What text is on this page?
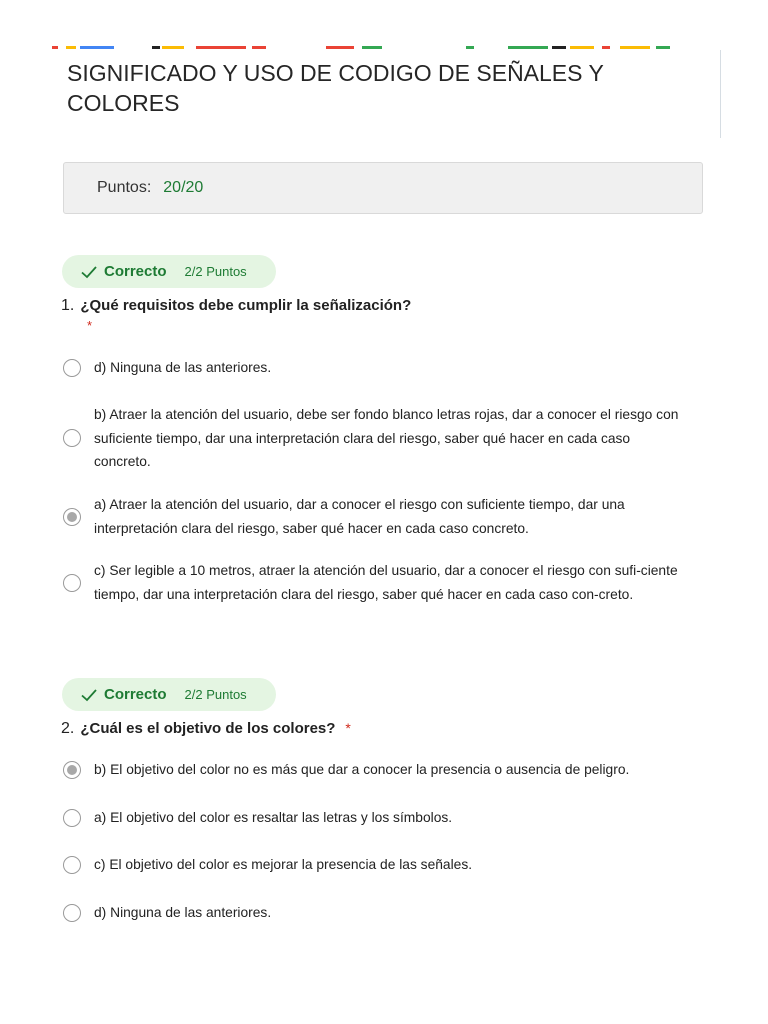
SIGNIFICADO Y USO DE CODIGO DE SEÑALES Y COLORES
Puntos: 20/20
Correcto 2/2 Puntos
1. ¿Qué requisitos debe cumplir la señalización?
*
d) Ninguna de las anteriores.
b) Atraer la atención del usuario, debe ser fondo blanco letras rojas, dar a conocer el riesgo con suficiente tiempo, dar una interpretación clara del riesgo, saber qué hacer en cada caso concreto.
a) Atraer la atención del usuario, dar a conocer el riesgo con suficiente tiempo, dar una interpretación clara del riesgo, saber qué hacer en cada caso concreto.
c) Ser legible a 10 metros, atraer la atención del usuario, dar a conocer el riesgo con sufi-ciente tiempo, dar una interpretación clara del riesgo, saber qué hacer en cada caso con-creto.
Correcto 2/2 Puntos
2. ¿Cuál es el objetivo de los colores? *
b) El objetivo del color no es más que dar a conocer la presencia o ausencia de peligro.
a) El objetivo del color es resaltar las letras y los símbolos.
c) El objetivo del color es mejorar la presencia de las señales.
d) Ninguna de las anteriores.
